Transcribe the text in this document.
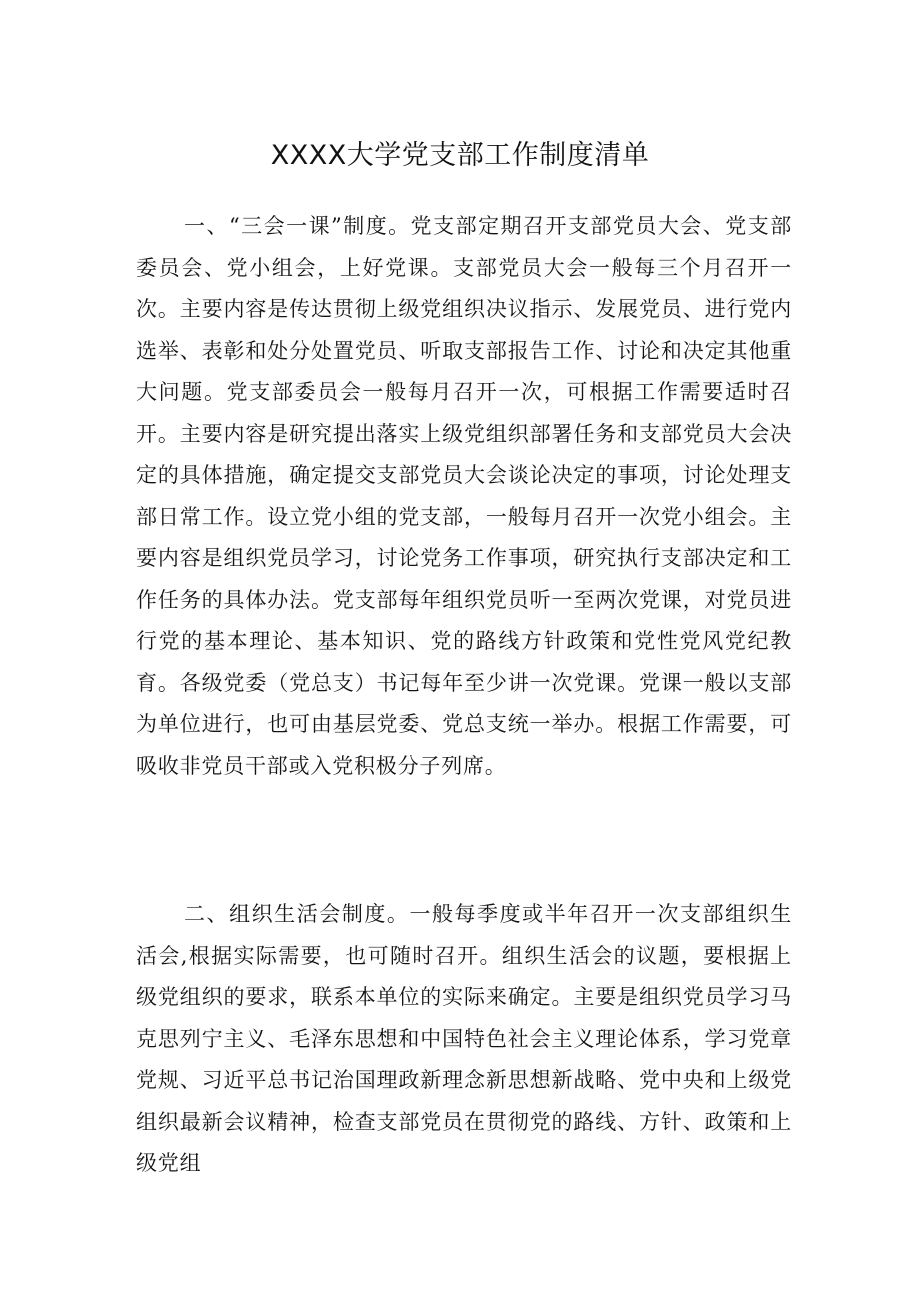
XXXX大学党支部工作制度清单

一、“三会一课”制度。党支部定期召开支部党员大会、党支部委员会、党小组会，上好党课。支部党员大会一般每三个月召开一次。主要内容是传达贯彻上级党组织决议指示、发展党员、进行党内选举、表彰和处分处置党员、听取支部报告工作、讨论和决定其他重大问题。党支部委员会一般每月召开一次，可根据工作需要适时召开。主要内容是研究提出落实上级党组织部署任务和支部党员大会决定的具体措施，确定提交支部党员大会谈论决定的事项，讨论处理支部日常工作。设立党小组的党支部，一般每月召开一次党小组会。主要内容是组织党员学习，讨论党务工作事项，研究执行支部决定和工作任务的具体办法。党支部每年组织党员听一至两次党课，对党员进行党的基本理论、基本知识、党的路线方针政策和党性党风党纪教育。各级党委（党总支）书记每年至少讲一次党课。党课一般以支部为单位进行，也可由基层党委、党总支统一举办。根据工作需要，可吸收非党员干部或入党积极分子列席。

二、组织生活会制度。一般每季度或半年召开一次支部组织生活会,根据实际需要，也可随时召开。组织生活会的议题，要根据上级党组织的要求，联系本单位的实际来确定。主要是组织党员学习马克思列宁主义、毛泽东思想和中国特色社会主义理论体系，学习党章党规、习近平总书记治国理政新理念新思想新战略、党中央和上级党组织最新会议精神，检查支部党员在贯彻党的路线、方针、政策和上级党组
